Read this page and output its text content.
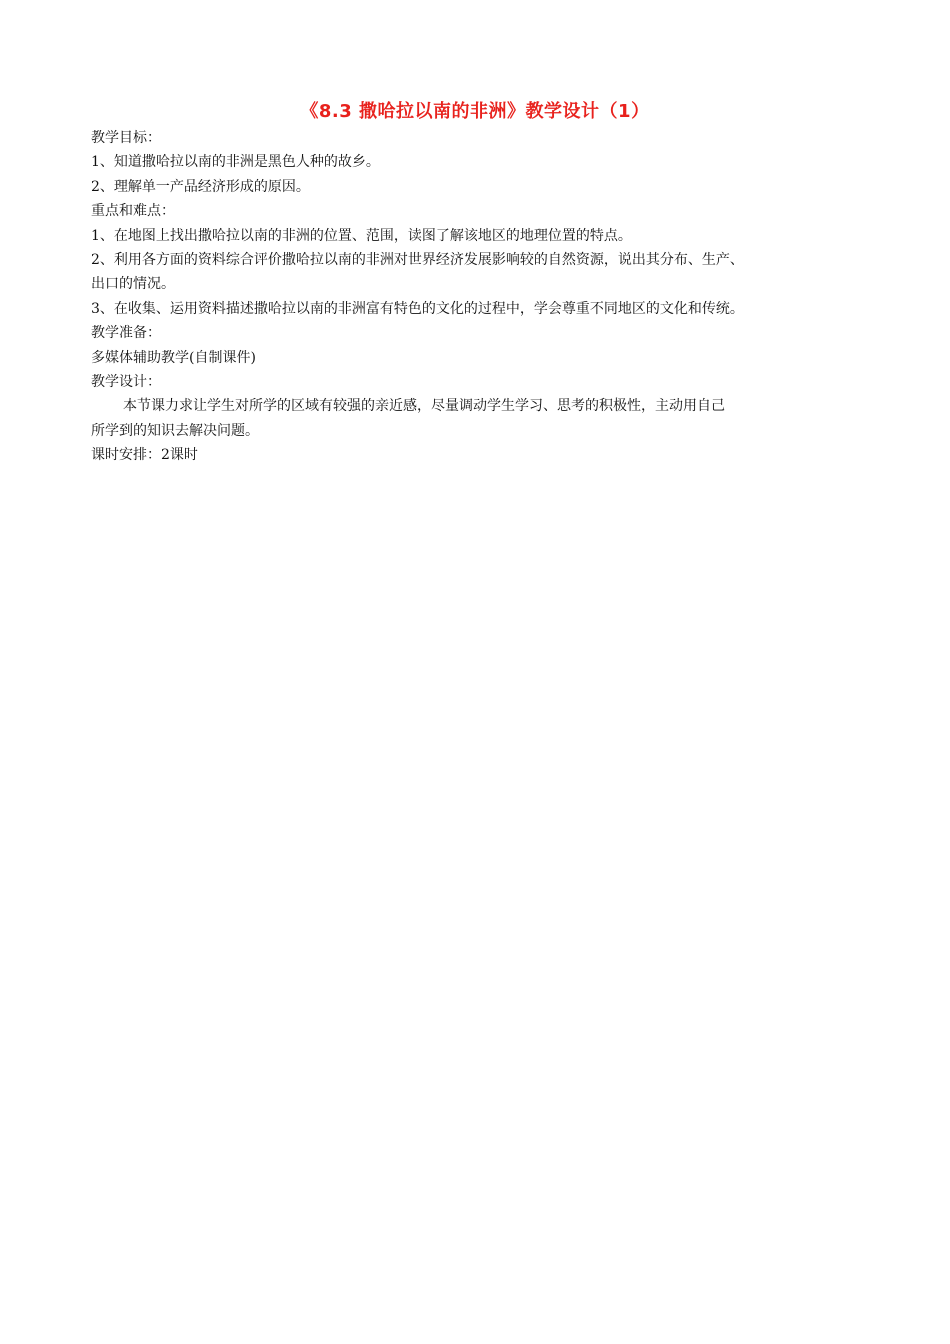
《8.3 撒哈拉以南的非洲》教学设计（1）
教学目标：
1、知道撒哈拉以南的非洲是黑色人种的故乡。
2、理解单一产品经济形成的原因。
重点和难点：
1、在地图上找出撒哈拉以南的非洲的位置、范围，读图了解该地区的地理位置的特点。
2、利用各方面的资料综合评价撒哈拉以南的非洲对世界经济发展影响较的自然资源，说出其分布、生产、
出口的情况。
3、在收集、运用资料描述撒哈拉以南的非洲富有特色的文化的过程中，学会尊重不同地区的文化和传统。
教学准备：
多媒体辅助教学(自制课件)
教学设计：
本节课力求让学生对所学的区域有较强的亲近感，尽量调动学生学习、思考的积极性，主动用自己
所学到的知识去解决问题。
课时安排：2课时
